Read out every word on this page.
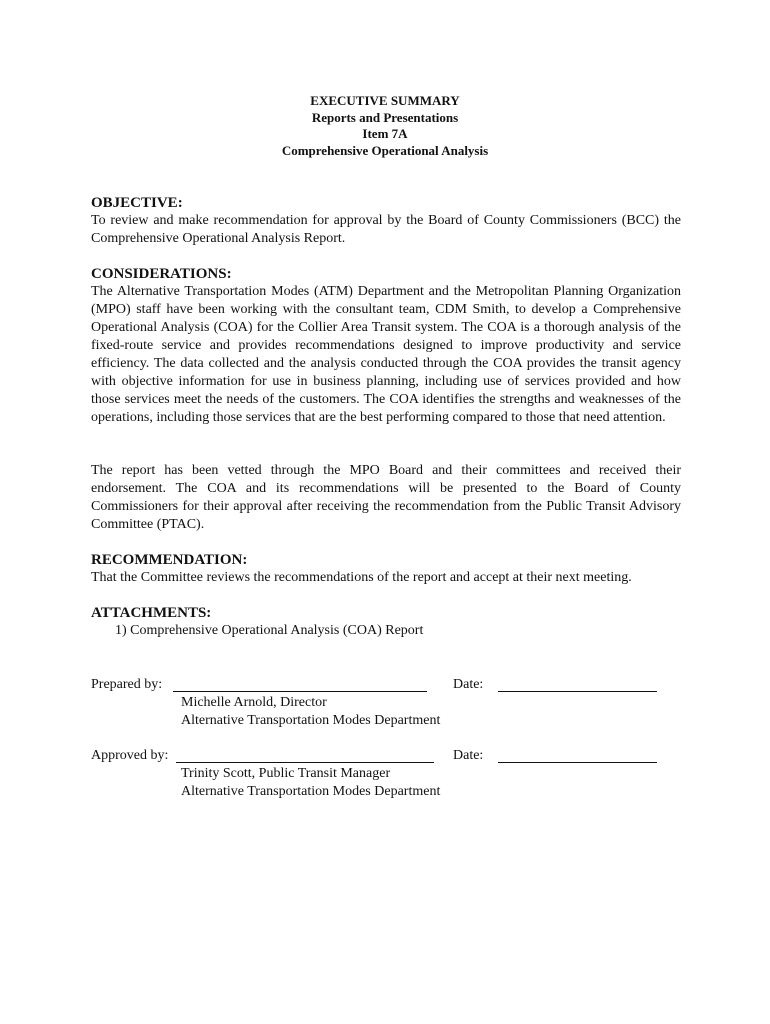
EXECUTIVE SUMMARY
Reports and Presentations
Item 7A
Comprehensive Operational Analysis

OBJECTIVE:

To review and make recommendation for approval by the Board of County Commissioners (BCC) the Comprehensive Operational Analysis Report.

CONSIDERATIONS:

The Alternative Transportation Modes (ATM) Department and the Metropolitan Planning Organization (MPO) staff have been working with the consultant team, CDM Smith, to develop a Comprehensive Operational Analysis (COA) for the Collier Area Transit system. The COA is a thorough analysis of the fixed-route service and provides recommendations designed to improve productivity and service efficiency. The data collected and the analysis conducted through the COA provides the transit agency with objective information for use in business planning, including use of services provided and how those services meet the needs of the customers. The COA identifies the strengths and weaknesses of the operations, including those services that are the best performing compared to those that need attention.

The report has been vetted through the MPO Board and their committees and received their endorsement. The COA and its recommendations will be presented to the Board of County Commissioners for their approval after receiving the recommendation from the Public Transit Advisory Committee (PTAC).

RECOMMENDATION:

That the Committee reviews the recommendations of the report and accept at their next meeting.

ATTACHMENTS:

1) Comprehensive Operational Analysis (COA) Report

Prepared by:	Date:
Michelle Arnold, Director
Alternative Transportation Modes Department
Approved by:	Date:
Trinity Scott, Public Transit Manager
Alternative Transportation Modes Department
